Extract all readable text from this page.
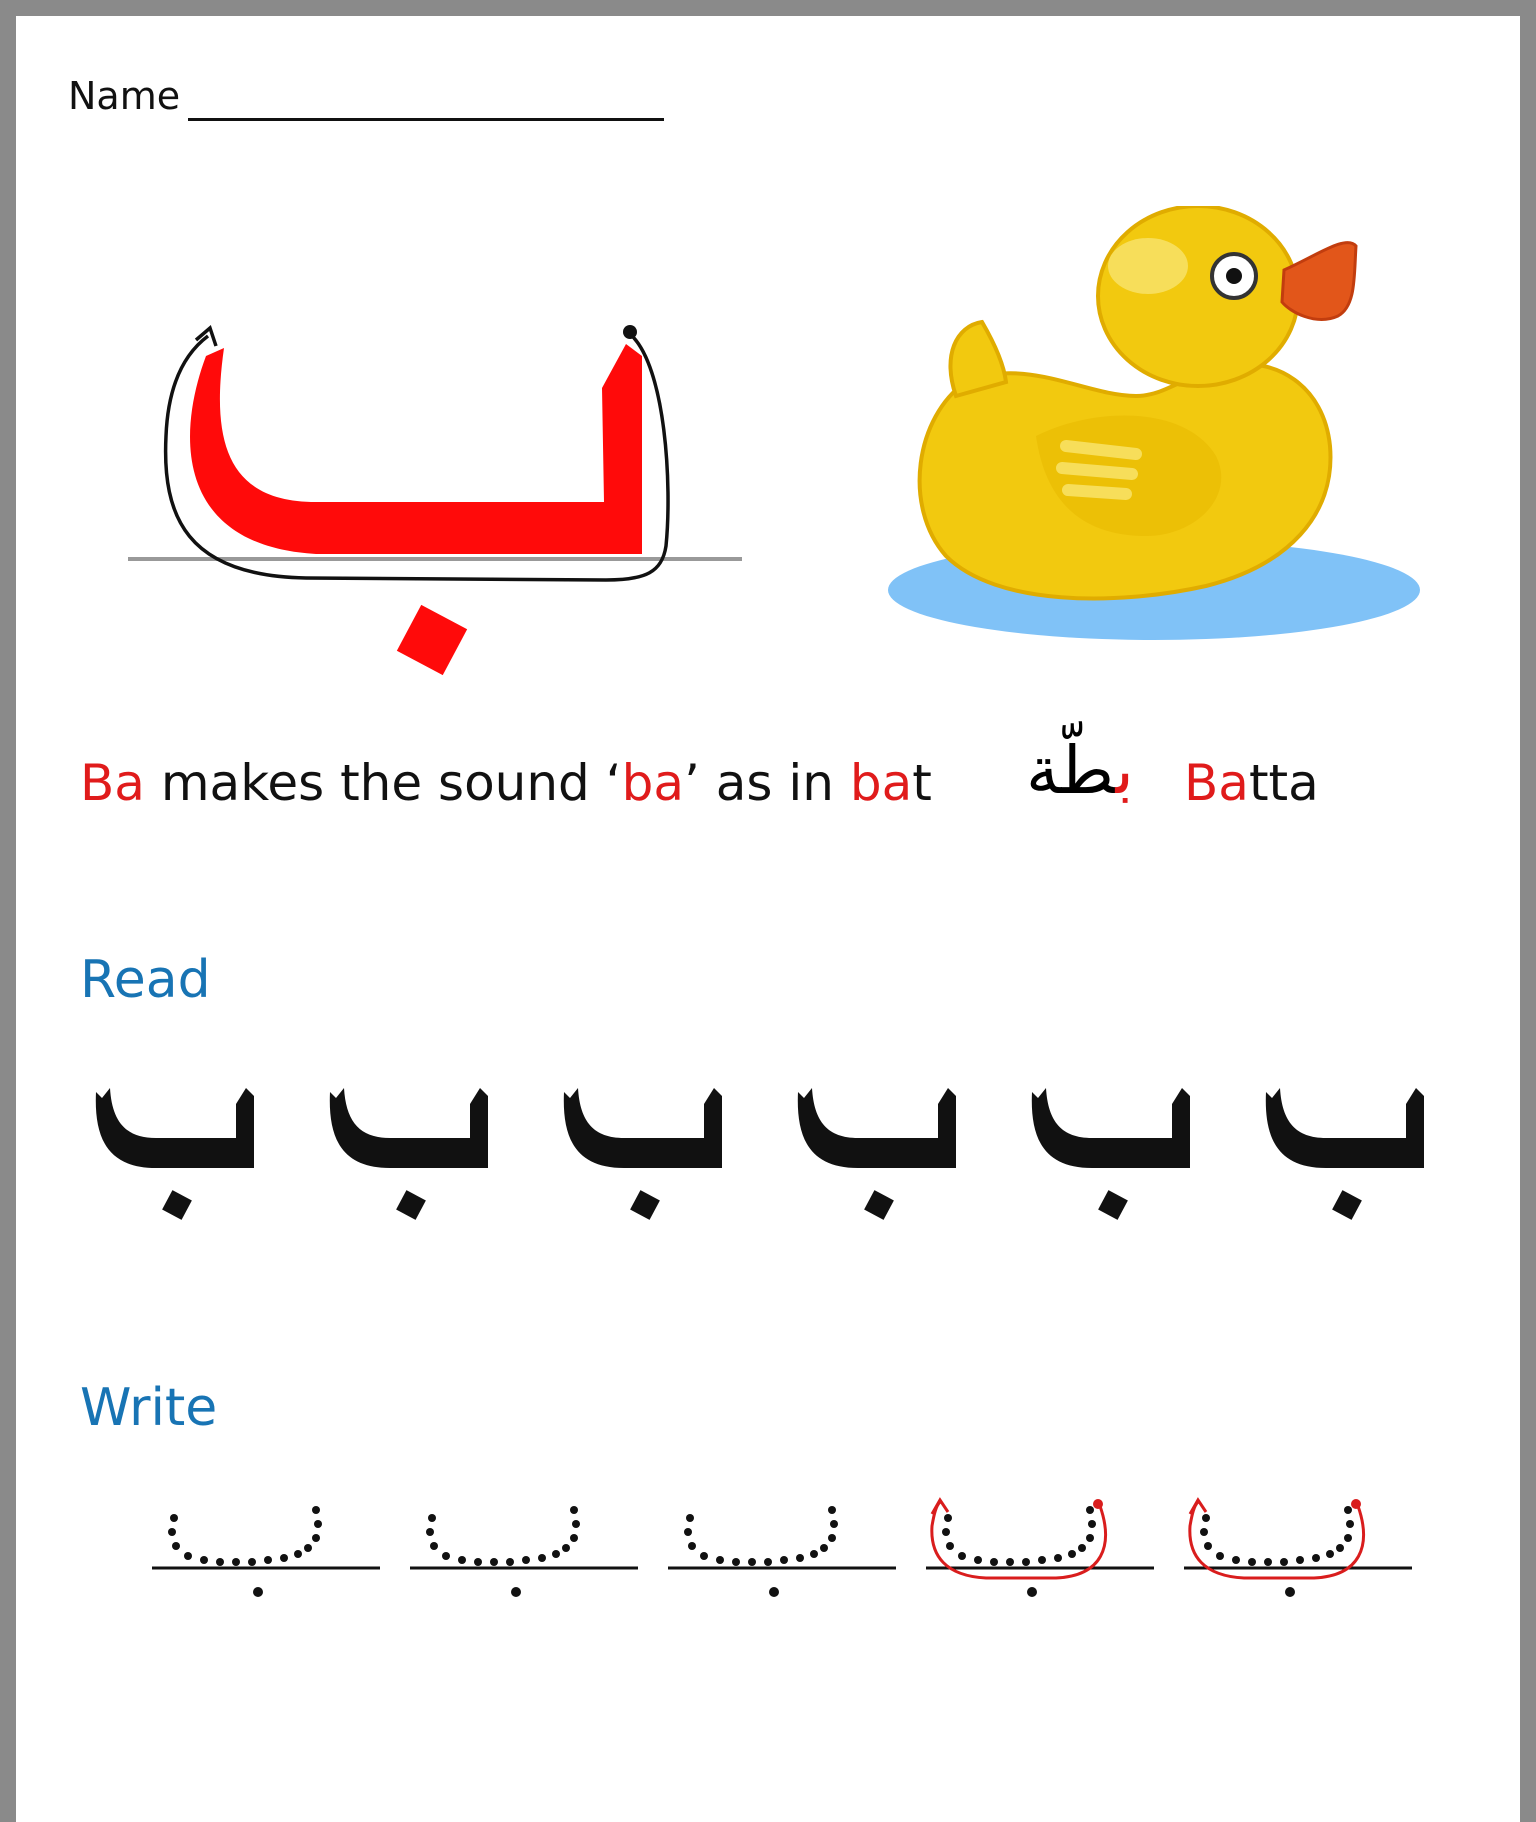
Name
Ba makes the sound ‘ba’ as in bat	بطّة	Batta
Read
Write
